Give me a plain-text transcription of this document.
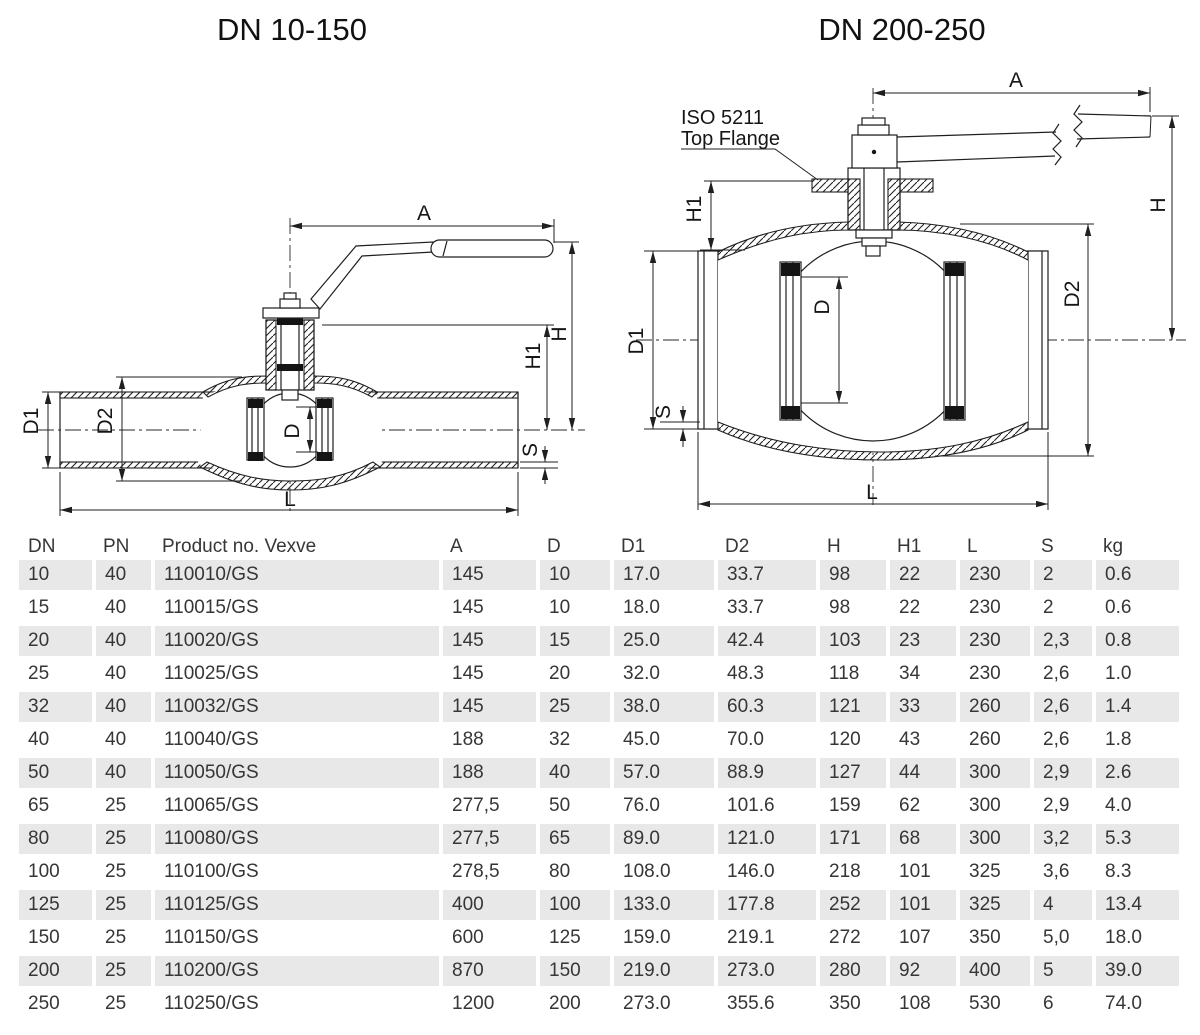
DN 10-150	DN 200-250
A
H
H1
D1 D2	D
L
S
ISO 5211
Top Flange
A
H
H1
D1
D2
D
L
S
DN	PN	Product no. Vexve	A	D	D1	D2	H	H1	L	S	kg
10	40	110010/GS	145	10	17.0	33.7	98	22	230	2	0.6
15	40	110015/GS	145	10	18.0	33.7	98	22	230	2	0.6
20	40	110020/GS	145	15	25.0	42.4	103	23	230	2,3	0.8
25	40	110025/GS	145	20	32.0	48.3	118	34	230	2,6	1.0
32	40	110032/GS	145	25	38.0	60.3	121	33	260	2,6	1.4
40	40	110040/GS	188	32	45.0	70.0	120	43	260	2,6	1.8
50	40	110050/GS	188	40	57.0	88.9	127	44	300	2,9	2.6
65	25	110065/GS	277,5	50	76.0	101.6	159	62	300	2,9	4.0
80	25	110080/GS	277,5	65	89.0	121.0	171	68	300	3,2	5.3
100	25	110100/GS	278,5	80	108.0	146.0	218	101	325	3,6	8.3
125	25	110125/GS	400	100	133.0	177.8	252	101	325	4	13.4
150	25	110150/GS	600	125	159.0	219.1	272	107	350	5,0	18.0
200	25	110200/GS	870	150	219.0	273.0	280	92	400	5	39.0
250	25	110250/GS	1200	200	273.0	355.6	350	108	530	6	74.0
